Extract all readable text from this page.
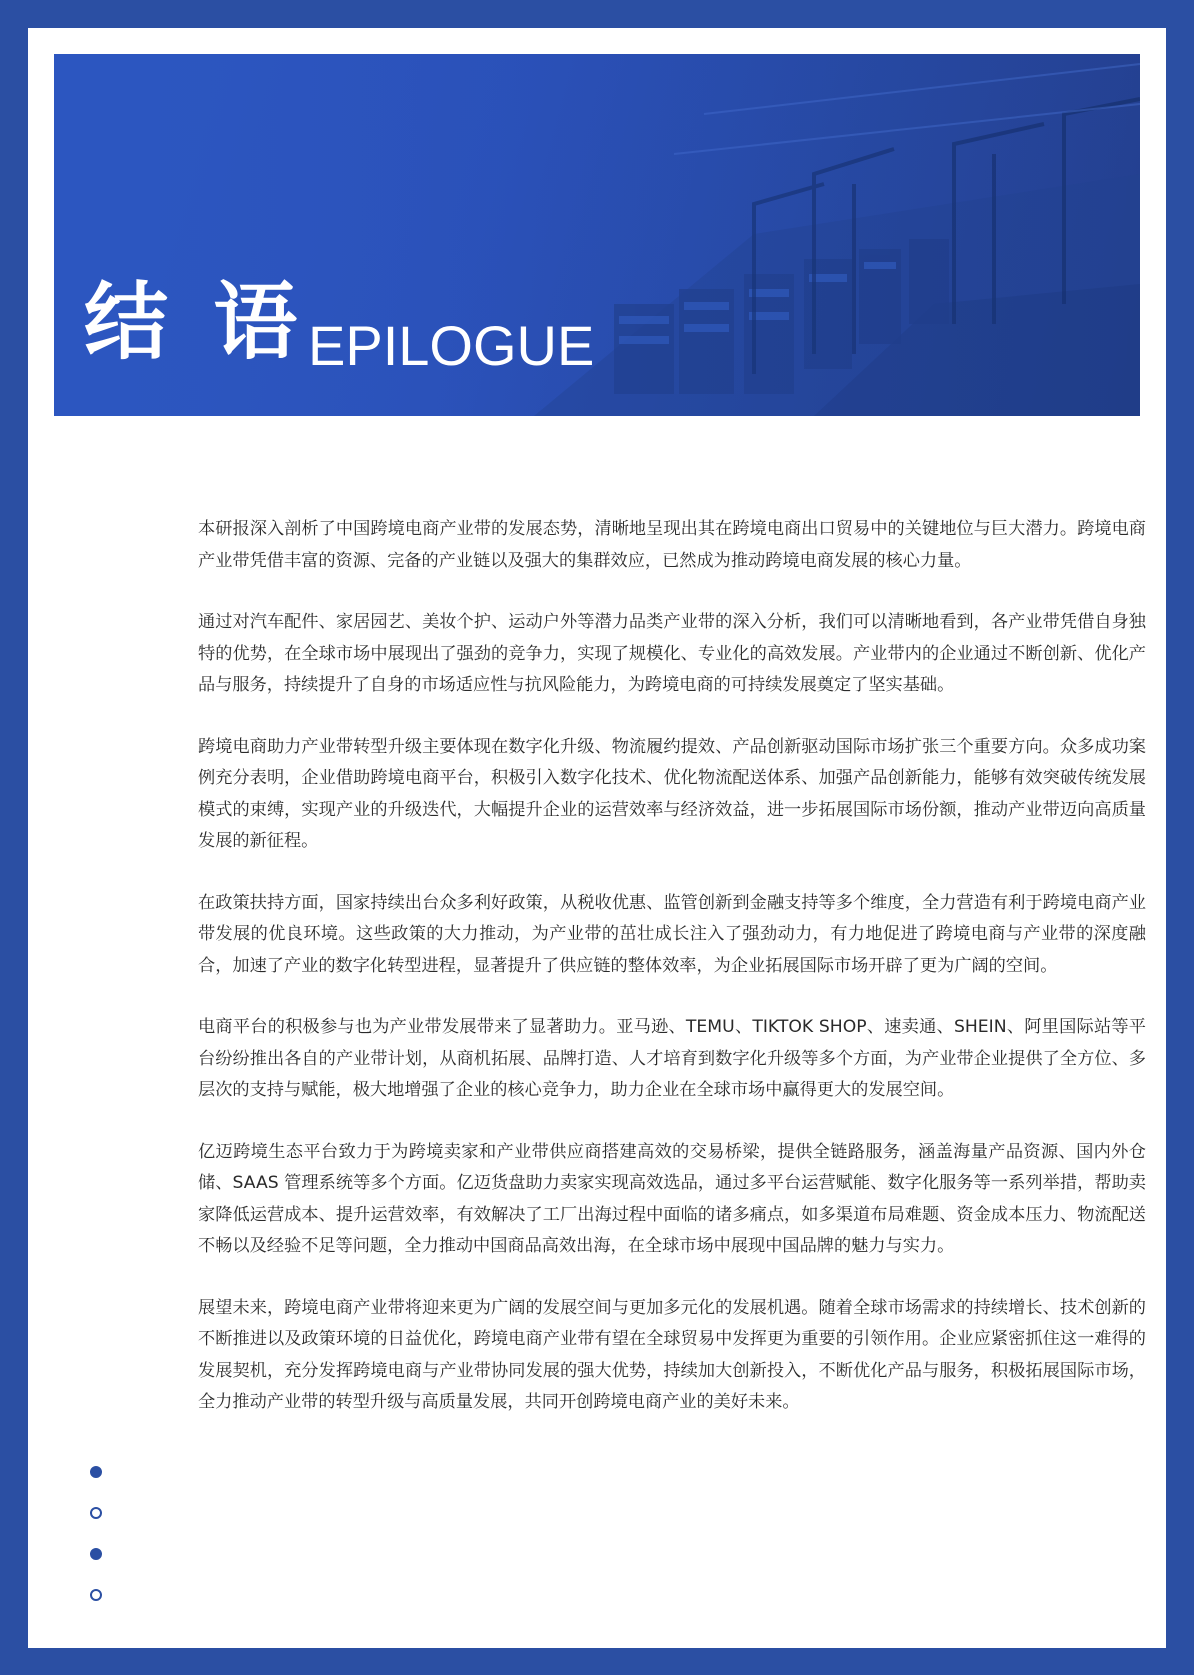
结 语 EPILOGUE

本研报深入剖析了中国跨境电商产业带的发展态势，清晰地呈现出其在跨境电商出口贸易中的关键地位与巨大潜力。跨境电商产业带凭借丰富的资源、完备的产业链以及强大的集群效应，已然成为推动跨境电商发展的核心力量。

通过对汽车配件、家居园艺、美妆个护、运动户外等潜力品类产业带的深入分析，我们可以清晰地看到，各产业带凭借自身独特的优势，在全球市场中展现出了强劲的竞争力，实现了规模化、专业化的高效发展。产业带内的企业通过不断创新、优化产品与服务，持续提升了自身的市场适应性与抗风险能力，为跨境电商的可持续发展奠定了坚实基础。

跨境电商助力产业带转型升级主要体现在数字化升级、物流履约提效、产品创新驱动国际市场扩张三个重要方向。众多成功案例充分表明，企业借助跨境电商平台，积极引入数字化技术、优化物流配送体系、加强产品创新能力，能够有效突破传统发展模式的束缚，实现产业的升级迭代，大幅提升企业的运营效率与经济效益，进一步拓展国际市场份额，推动产业带迈向高质量发展的新征程。

在政策扶持方面，国家持续出台众多利好政策，从税收优惠、监管创新到金融支持等多个维度，全力营造有利于跨境电商产业带发展的优良环境。这些政策的大力推动，为产业带的茁壮成长注入了强劲动力，有力地促进了跨境电商与产业带的深度融合，加速了产业的数字化转型进程，显著提升了供应链的整体效率，为企业拓展国际市场开辟了更为广阔的空间。

电商平台的积极参与也为产业带发展带来了显著助力。亚马逊、TEMU、TIKTOK SHOP、速卖通、SHEIN、阿里国际站等平台纷纷推出各自的产业带计划，从商机拓展、品牌打造、人才培育到数字化升级等多个方面，为产业带企业提供了全方位、多层次的支持与赋能，极大地增强了企业的核心竞争力，助力企业在全球市场中赢得更大的发展空间。

亿迈跨境生态平台致力于为跨境卖家和产业带供应商搭建高效的交易桥梁，提供全链路服务，涵盖海量产品资源、国内外仓储、SAAS 管理系统等多个方面。亿迈货盘助力卖家实现高效选品，通过多平台运营赋能、数字化服务等一系列举措，帮助卖家降低运营成本、提升运营效率，有效解决了工厂出海过程中面临的诸多痛点，如多渠道布局难题、资金成本压力、物流配送不畅以及经验不足等问题，全力推动中国商品高效出海，在全球市场中展现中国品牌的魅力与实力。

展望未来，跨境电商产业带将迎来更为广阔的发展空间与更加多元化的发展机遇。随着全球市场需求的持续增长、技术创新的不断推进以及政策环境的日益优化，跨境电商产业带有望在全球贸易中发挥更为重要的引领作用。企业应紧密抓住这一难得的发展契机，充分发挥跨境电商与产业带协同发展的强大优势，持续加大创新投入，不断优化产品与服务，积极拓展国际市场，全力推动产业带的转型升级与高质量发展，共同开创跨境电商产业的美好未来。
